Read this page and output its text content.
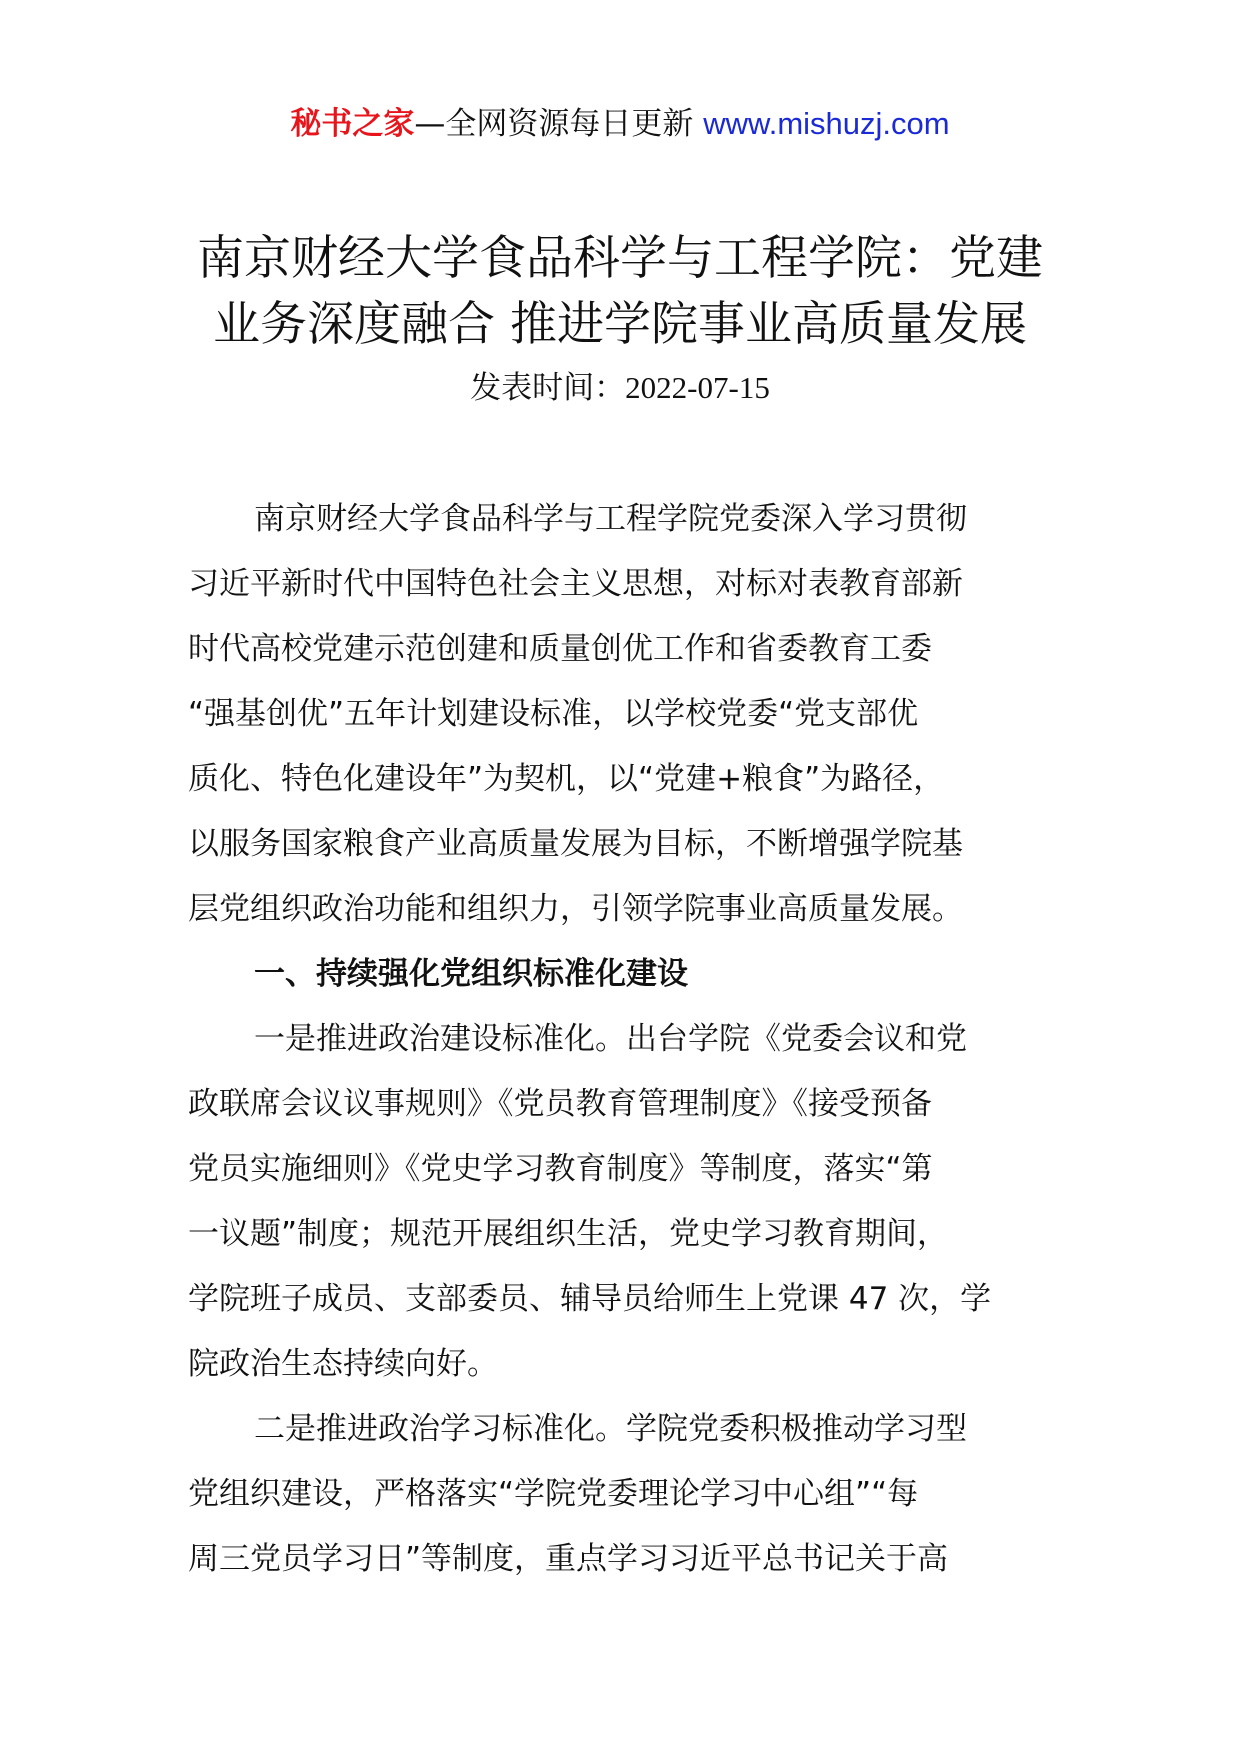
秘书之家—全网资源每日更新 www.mishuzj.com
南京财经大学食品科学与工程学院：党建
业务深度融合 推进学院事业高质量发展
发表时间：2022-07-15

南京财经大学食品科学与工程学院党委深入学习贯彻
习近平新时代中国特色社会主义思想，对标对表教育部新
时代高校党建示范创建和质量创优工作和省委教育工委
“强基创优”五年计划建设标准，以学校党委“党支部优
质化、特色化建设年”为契机，以“党建+粮食”为路径，
以服务国家粮食产业高质量发展为目标，不断增强学院基
层党组织政治功能和组织力，引领学院事业高质量发展。

一、持续强化党组织标准化建设

一是推进政治建设标准化。出台学院《党委会议和党
政联席会议议事规则》《党员教育管理制度》《接受预备
党员实施细则》《党史学习教育制度》等制度，落实“第
一议题”制度；规范开展组织生活，党史学习教育期间，
学院班子成员、支部委员、辅导员给师生上党课 47 次，学
院政治生态持续向好。

二是推进政治学习标准化。学院党委积极推动学习型
党组织建设，严格落实“学院党委理论学习中心组”“每
周三党员学习日”等制度，重点学习习近平总书记关于高
